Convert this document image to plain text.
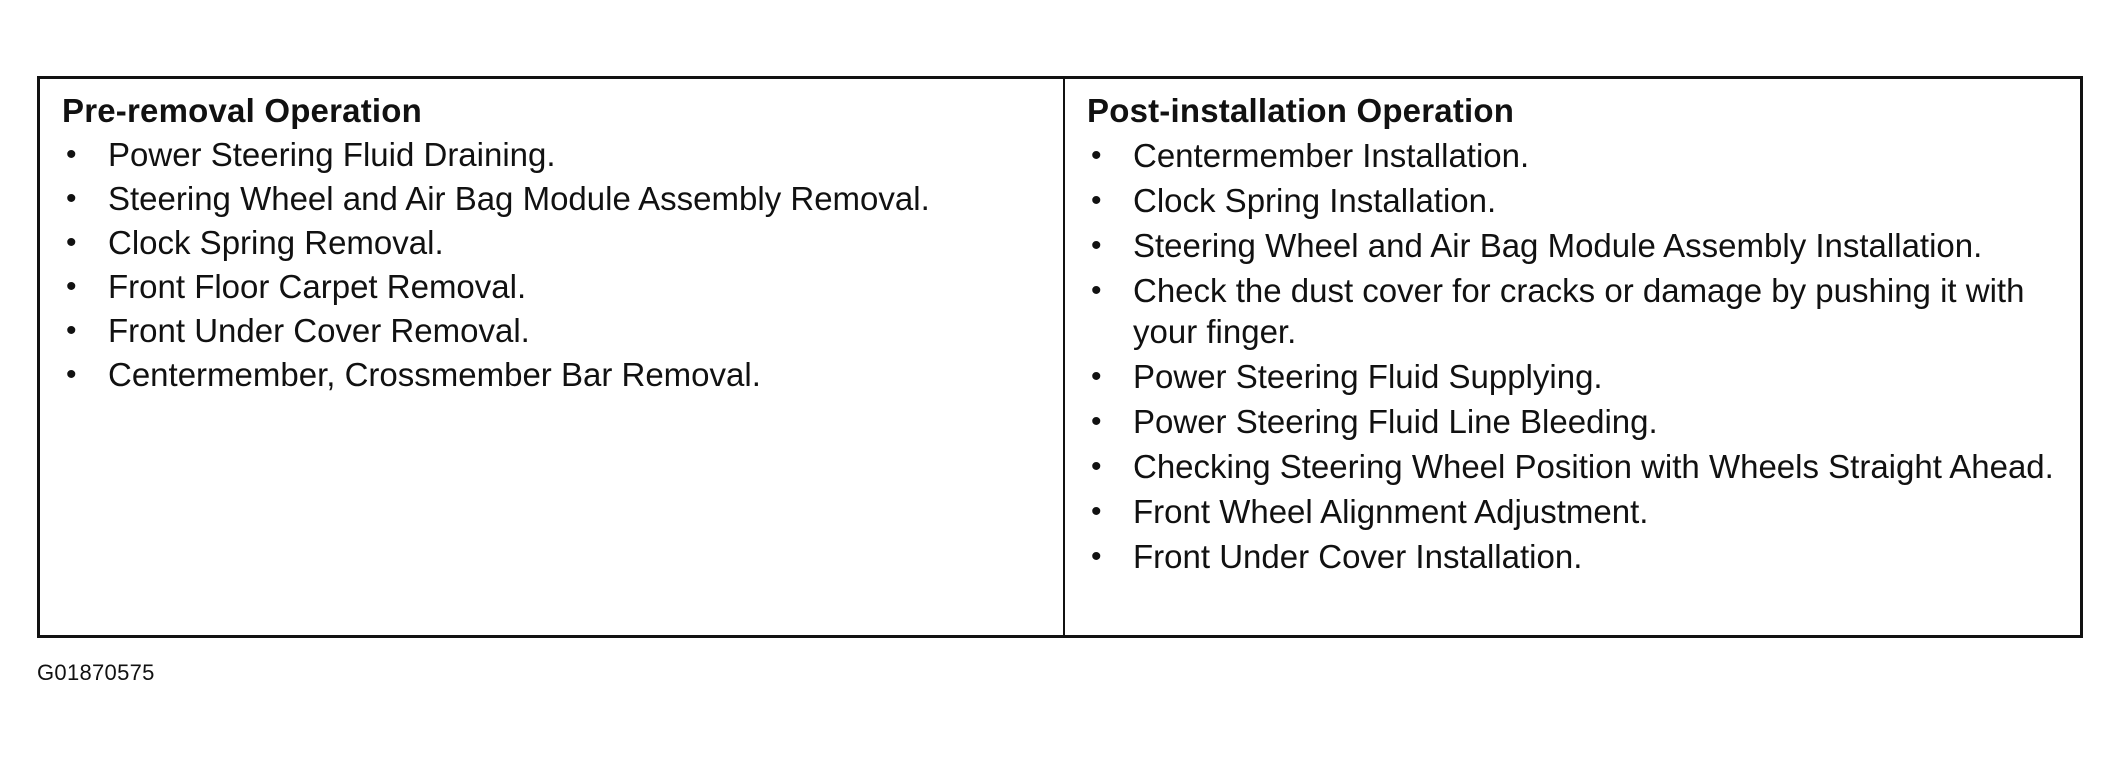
Pre-removal Operation

• Power Steering Fluid Draining.
• Steering Wheel and Air Bag Module Assembly Removal.
• Clock Spring Removal.
• Front Floor Carpet Removal.
• Front Under Cover Removal.
• Centermember, Crossmember Bar Removal.

Post-installation Operation

• Centermember Installation.
• Clock Spring Installation.
• Steering Wheel and Air Bag Module Assembly Installation.
• Check the dust cover for cracks or damage by pushing it with your finger.
• Power Steering Fluid Supplying.
• Power Steering Fluid Line Bleeding.
• Checking Steering Wheel Position with Wheels Straight Ahead.
• Front Wheel Alignment Adjustment.
• Front Under Cover Installation.
G01870575
